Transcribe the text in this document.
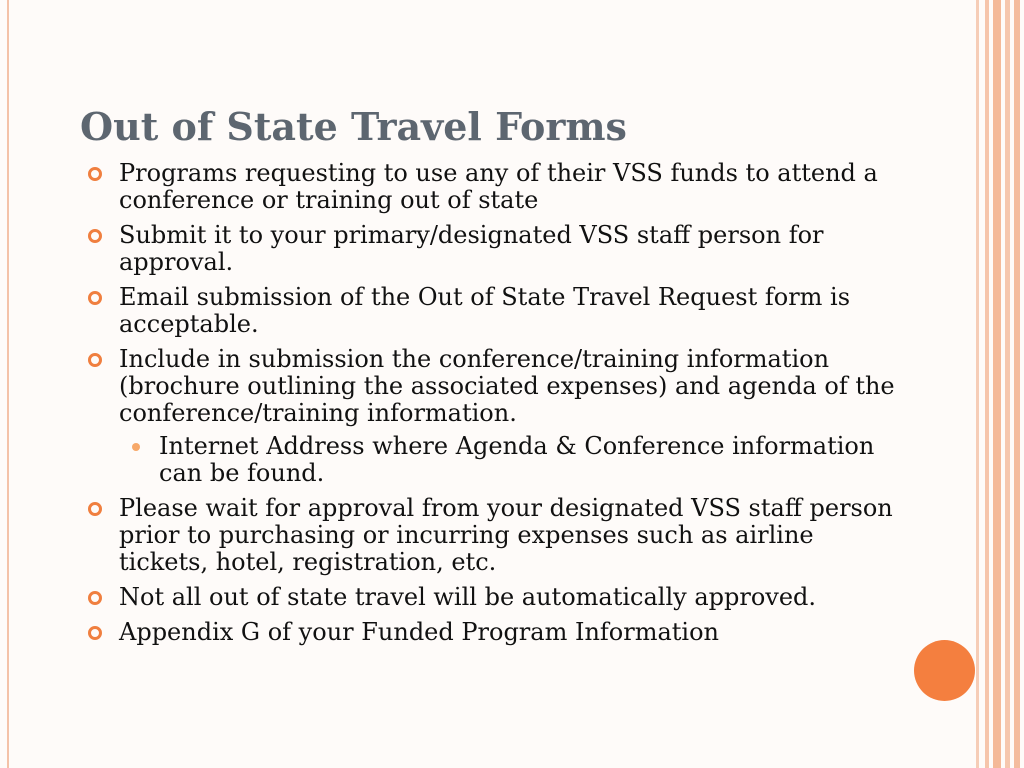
Out of State Travel Forms
Programs requesting to use any of their VSS funds to attend a conference or training out of state
Submit it to your primary/designated VSS staff person for approval.
Email submission of the Out of State Travel Request form is acceptable.
Include in submission the conference/training information (brochure outlining the associated expenses) and agenda of the conference/training information.
Internet Address where Agenda & Conference information can be found.
Please wait for approval from your designated VSS staff person prior to purchasing or incurring expenses such as airline tickets, hotel, registration, etc.
Not all out of state travel will be automatically approved.
Appendix G of your Funded Program Information
